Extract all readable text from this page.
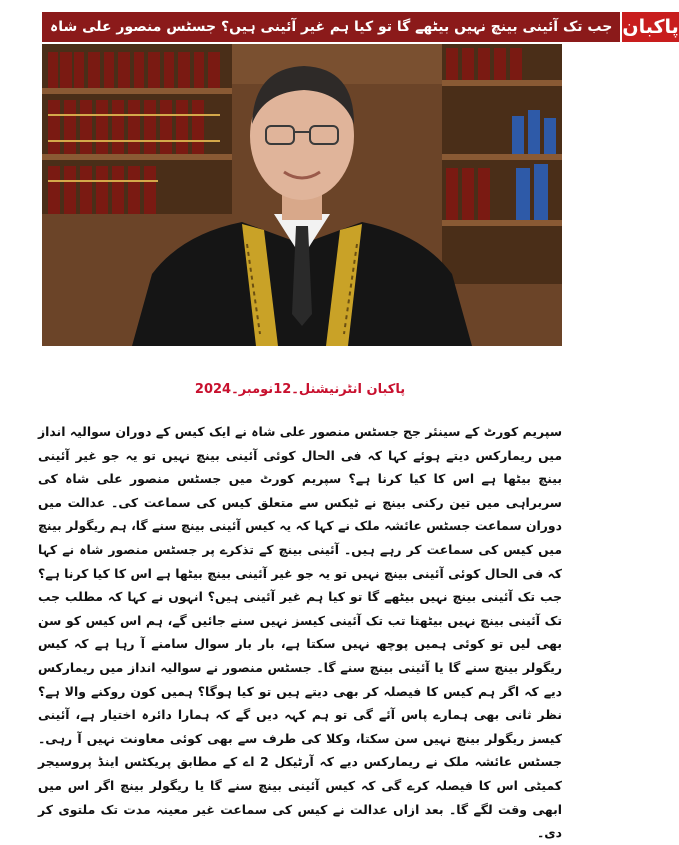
جب تک آئینی بینچ نہیں بیٹھے گا تو کیا ہم غیر آئینی ہیں؟ جسٹس منصور علی شاہ پاکبان
پاکبان انٹرنیشنل۔12نومبر۔2024

سپریم کورٹ کے سینئر جج جسٹس منصور علی شاہ نے ایک کیس کے دوران سوالیہ انداز میں ریمارکس دیتے ہوئے کہا کہ فی الحال کوئی آئینی بینچ نہیں تو یہ جو غیر آئینی بینچ بیٹھا ہے اس کا کیا کرنا ہے؟ سپریم کورٹ میں جسٹس منصور علی شاہ کی سربراہی میں تین رکنی بینچ نے ٹیکس سے متعلق کیس کی سماعت کی۔ عدالت میں دوران سماعت جسٹس عائشہ ملک نے کہا کہ یہ کیس آئینی بینچ سنے گا، ہم ریگولر بینچ میں کیس کی سماعت کر رہے ہیں۔ آئینی بینچ کے تذکرے پر جسٹس منصور شاہ نے کہا کہ فی الحال کوئی آئینی بینچ نہیں تو یہ جو غیر آئینی بینچ بیٹھا ہے اس کا کیا کرنا ہے؟ جب تک آئینی بینچ نہیں بیٹھے گا تو کیا ہم غیر آئینی ہیں؟ انہوں نے کہا کہ مطلب جب تک آئینی بینچ نہیں بیٹھتا تب تک آئینی کیسز نہیں سنے جائیں گے، ہم اس کیس کو سن بھی لیں تو کوئی ہمیں پوچھ نہیں سکتا ہے، بار بار سوال سامنے آ رہا ہے کہ کیس ریگولر بینچ سنے گا یا آئینی بینچ سنے گا۔ جسٹس منصور نے سوالیہ انداز میں ریمارکس دیے کہ اگر ہم کیس کا فیصلہ کر بھی دیتے ہیں تو کیا ہوگا؟ ہمیں کون روکنے والا ہے؟ نظر ثانی بھی ہمارے پاس آئے گی تو ہم کہہ دیں گے کہ ہمارا دائرہ اختیار ہے، آئینی کیسز ریگولر بینچ نہیں سن سکتا، وکلا کی طرف سے بھی کوئی معاونت نہیں آ رہی۔ جسٹس عائشہ ملک نے ریمارکس دیے کہ آرٹیکل 2 اے کے مطابق پریکٹس اینڈ پروسیجر کمیٹی اس کا فیصلہ کرے گی کہ کیس آئینی بینچ سنے گا یا ریگولر بینچ اگر اس میں ابھی وقت لگے گا۔ بعد ازاں عدالت نے کیس کی سماعت غیر معینہ مدت تک ملتوی کر دی۔
